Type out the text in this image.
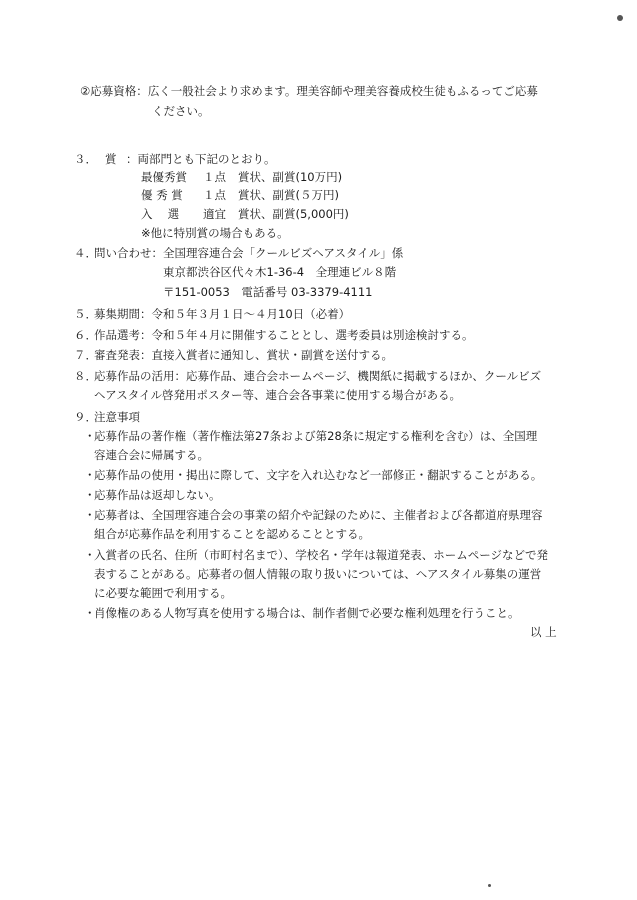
②応募資格：広く一般社会より求めます。理美容師や理美容養成校生徒もふるってご応募
ください。
３． 賞 ：両部門とも下記のとおり。
最優秀賞 １点 賞状、副賞(10万円)
優 秀 賞 １点 賞状、副賞(５万円)
入　 選 適宜 賞状、副賞(5,000円)
※他に特別賞の場合もある。
４．問い合わせ：全国理容連合会「クールビズヘアスタイル」係
東京都渋谷区代々木1-36-4　全理連ビル８階
〒151-0053　電話番号 03-3379-4111
５．募集期間：令和５年３月１日～４月10日（必着）
６．作品選考：令和５年４月に開催することとし、選考委員は別途検討する。
７．審査発表：直接入賞者に通知し、賞状・副賞を送付する。
８．応募作品の活用：応募作品、連合会ホームページ、機関紙に掲載するほか、クールビズ
ヘアスタイル啓発用ポスター等、連合会各事業に使用する場合がある。
９．注意事項
・応募作品の著作権（著作権法第27条および第28条に規定する権利を含む）は、全国理
容連合会に帰属する。
・応募作品の使用・掲出に際して、文字を入れ込むなど一部修正・翻訳することがある。
・応募作品は返却しない。
・応募者は、全国理容連合会の事業の紹介や記録のために、主催者および各都道府県理容
組合が応募作品を利用することを認めることとする。
・入賞者の氏名、住所（市町村名まで）、学校名・学年は報道発表、ホームページなどで発
表することがある。応募者の個人情報の取り扱いについては、ヘアスタイル募集の運営
に必要な範囲で利用する。
・肖像権のある人物写真を使用する場合は、制作者側で必要な権利処理を行うこと。
以 上
